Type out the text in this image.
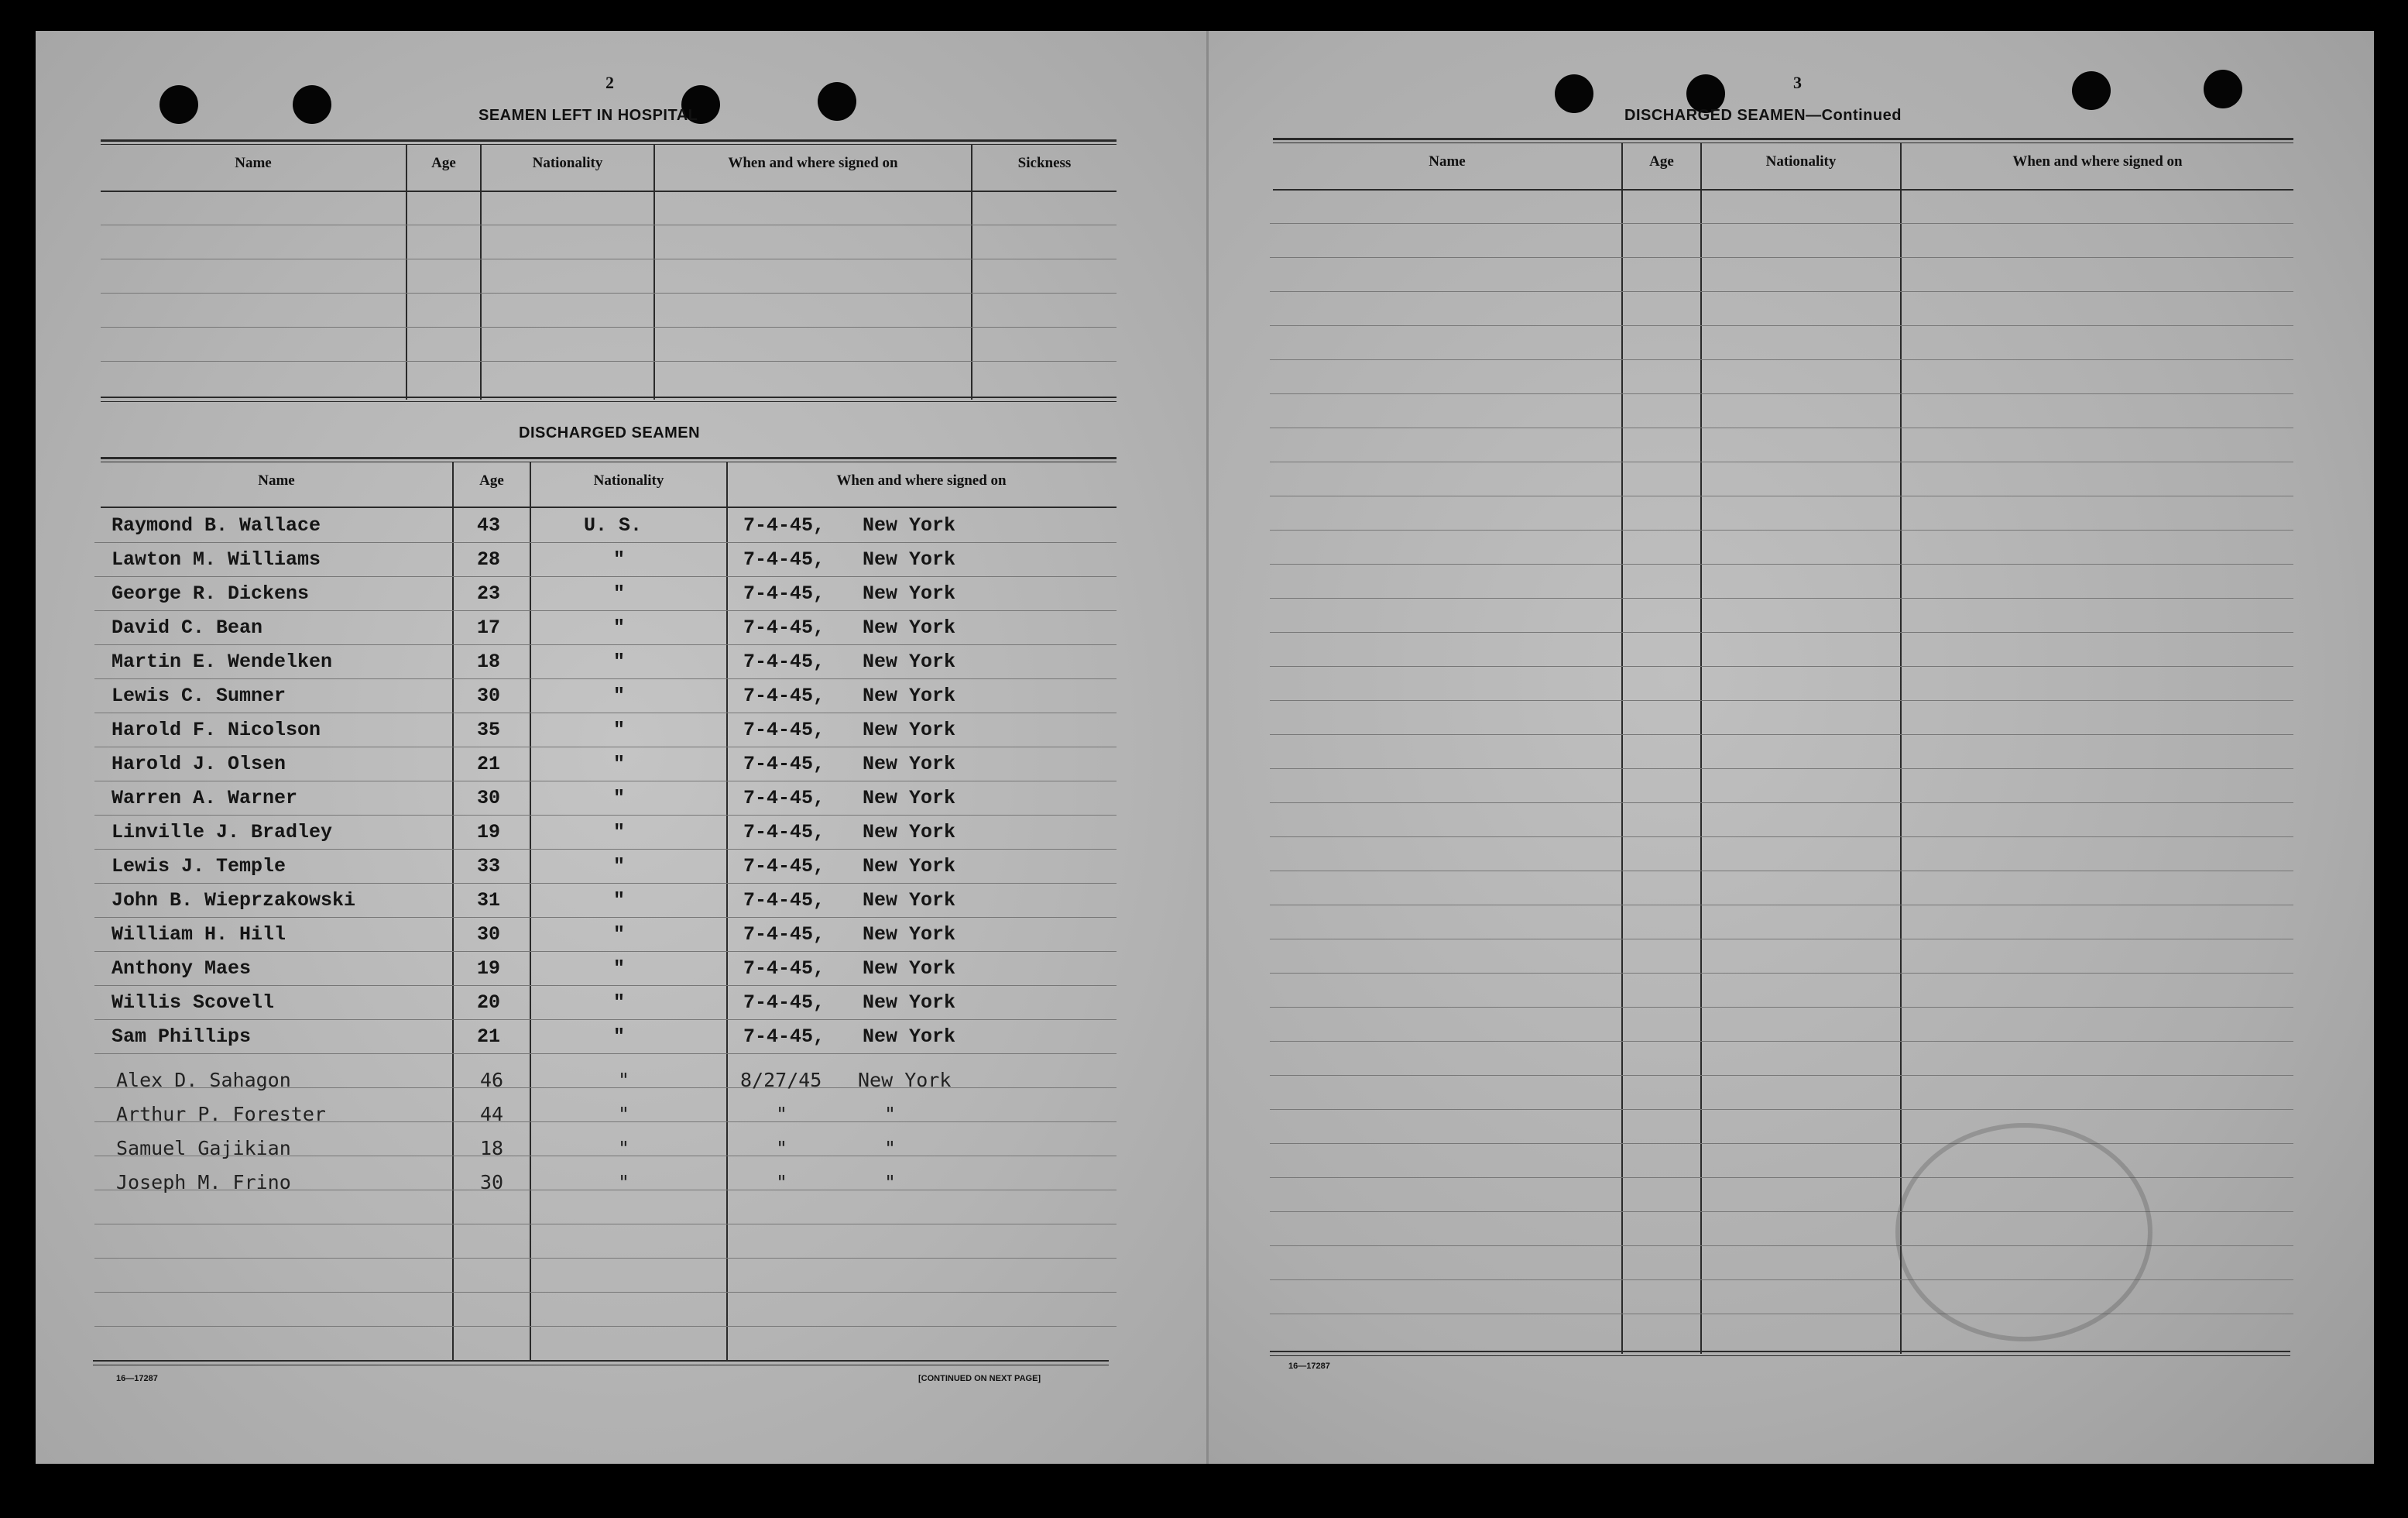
2
SEAMEN LEFT IN HOSPITAL
Name	Age	Nationality	When and where signed on	Sickness
DISCHARGED SEAMEN
Name	Age	Nationality	When and where signed on
Raymond B. Wallace	43	U. S.	7-4-45, New York
Lawton M. Williams	28	"	7-4-45, New York
George R. Dickens	23	"	7-4-45, New York
David C. Bean	17	"	7-4-45, New York
Martin E. Wendelken	18	"	7-4-45, New York
Lewis C. Sumner	30	"	7-4-45, New York
Harold F. Nicolson	35	"	7-4-45, New York
Harold J. Olsen	21	"	7-4-45, New York
Warren A. Warner	30	"	7-4-45, New York
Linville J. Bradley	19	"	7-4-45, New York
Lewis J. Temple	33	"	7-4-45, New York
John B. Wieprzakowski	31	"	7-4-45, New York
William H. Hill	30	"	7-4-45, New York
Anthony Maes	19	"	7-4-45, New York
Willis Scovell	20	"	7-4-45, New York
Sam Phillips	21	"	7-4-45, New York
Alex D. Sahagon	46	"	8/27/45 New York
Arthur P. Forester	44	"	"	"
Samuel Gajikian	18	"	"	"
Joseph M. Frino	30	"	"	"
16—17287	[CONTINUED ON NEXT PAGE]
3
DISCHARGED SEAMEN—Continued
Name	Age	Nationality	When and where signed on
16—17287
